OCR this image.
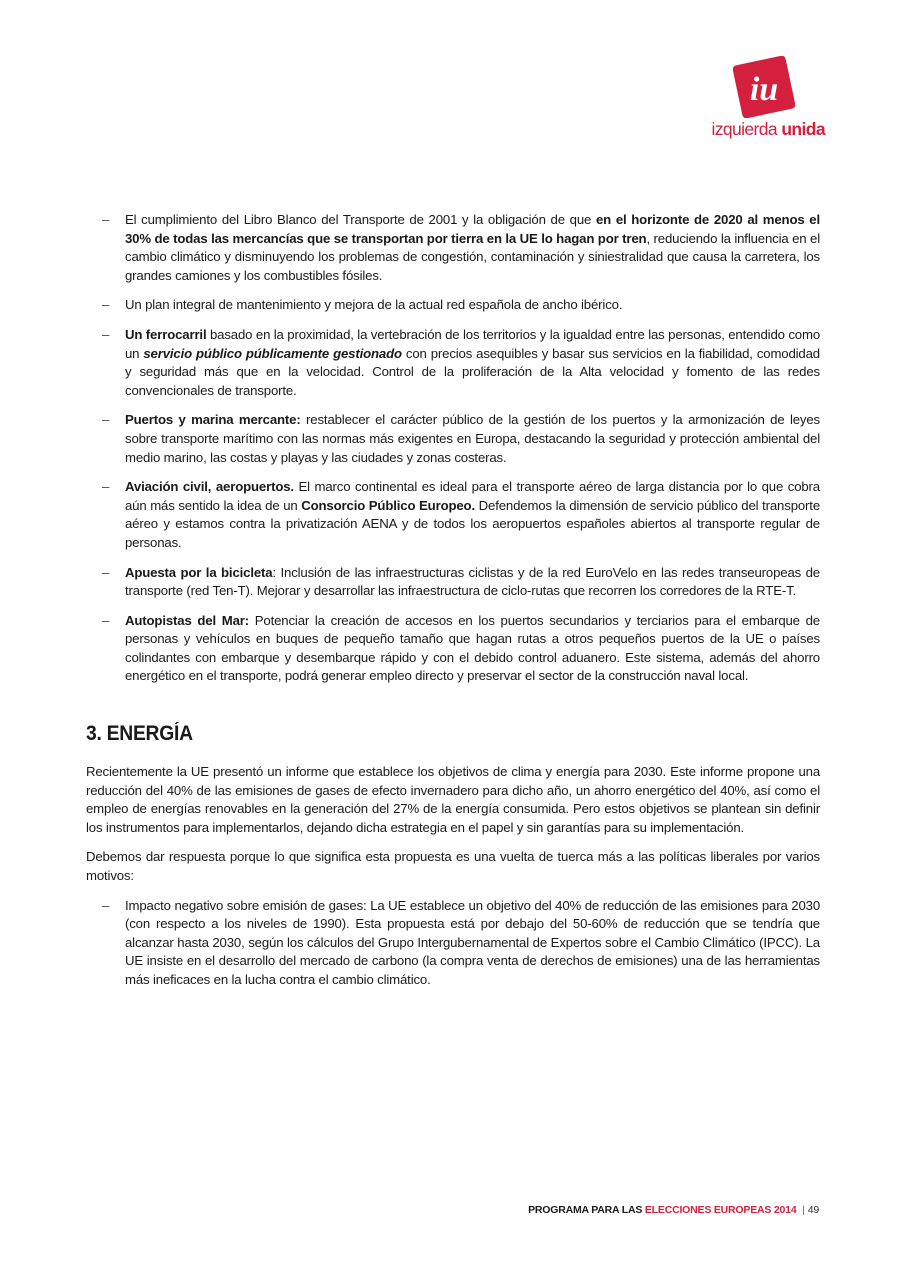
iu
izquierda unida
– El cumplimiento del Libro Blanco del Transporte de 2001 y la obligación de que en el horizonte de 2020 al menos el 30% de todas las mercancías que se transportan por tierra en la UE lo hagan por tren, reduciendo la influencia en el cambio climático y disminuyendo los problemas de congestión, contaminación y siniestralidad que causa la carretera, los grandes camiones y los combustibles fósiles.
– Un plan integral de mantenimiento y mejora de la actual red española de ancho ibérico.
– Un ferrocarril basado en la proximidad, la vertebración de los territorios y la igualdad entre las personas, entendido como un servicio público públicamente gestionado con precios asequibles y basar sus servicios en la fiabilidad, comodidad y seguridad más que en la velocidad. Control de la proliferación de la Alta velocidad y fomento de las redes convencionales de transporte.
– Puertos y marina mercante: restablecer el carácter público de la gestión de los puertos y la armonización de leyes sobre transporte marítimo con las normas más exigentes en Europa, destacando la seguridad y protección ambiental del medio marino, las costas y playas y las ciudades y zonas costeras.
– Aviación civil, aeropuertos. El marco continental es ideal para el transporte aéreo de larga distancia por lo que cobra aún más sentido la idea de un Consorcio Público Europeo. Defendemos la dimensión de servicio público del transporte aéreo y estamos contra la privatización AENA y de todos los aeropuertos españoles abiertos al transporte regular de personas.
– Apuesta por la bicicleta: Inclusión de las infraestructuras ciclistas y de la red EuroVelo en las redes transeuropeas de transporte (red Ten-T). Mejorar y desarrollar las infraestructura de ciclo-rutas que recorren los corredores de la RTE-T.
– Autopistas del Mar: Potenciar la creación de accesos en los puertos secundarios y terciarios para el embarque de personas y vehículos en buques de pequeño tamaño que hagan rutas a otros pequeños puertos de la UE o países colindantes con embarque y desembarque rápido y con el debido control aduanero. Este sistema, además del ahorro energético en el transporte, podrá generar empleo directo y preservar el sector de la construcción naval local.
3. ENERGÍA

Recientemente la UE presentó un informe que establece los objetivos de clima y energía para 2030. Este informe propone una reducción del 40% de las emisiones de gases de efecto invernadero para dicho año, un ahorro energético del 40%, así como el empleo de energías renovables en la generación del 27% de la energía consumida. Pero estos objetivos se plantean sin definir los instrumentos para implementarlos, dejando dicha estrategia en el papel y sin garantías para su implementación.

Debemos dar respuesta porque lo que significa esta propuesta es una vuelta de tuerca más a las políticas liberales por varios motivos:

– Impacto negativo sobre emisión de gases: La UE establece un objetivo del 40% de reducción de las emisiones para 2030 (con respecto a los niveles de 1990). Esta propuesta está por debajo del 50-60% de reducción que se tendría que alcanzar hasta 2030, según los cálculos del Grupo Intergubernamental de Expertos sobre el Cambio Climático (IPCC). La UE insiste en el desarrollo del mercado de carbono (la compra venta de derechos de emisiones) una de las herramientas más ineficaces en la lucha contra el cambio climático.
PROGRAMA PARA LAS ELECCIONES EUROPEAS 2014 | 49
